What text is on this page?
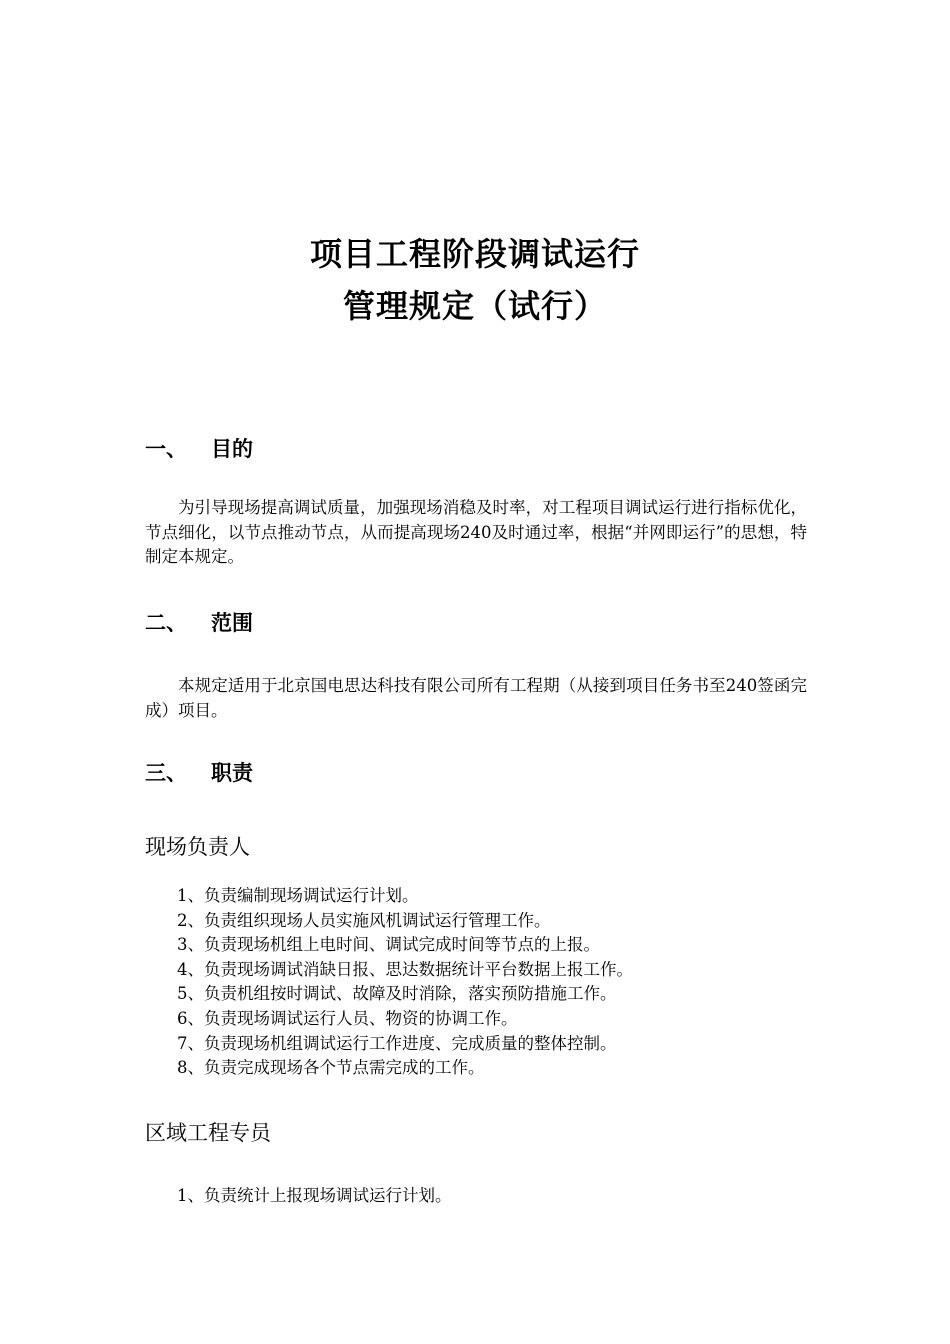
项目工程阶段调试运行
管理规定（试行）
一、 目的
为引导现场提高调试质量，加强现场消稳及时率，对工程项目调试运行进行指标优化，节点细化，以节点推动节点，从而提高现场240及时通过率，根据“并网即运行”的思想，特制定本规定。
二、 范围
本规定适用于北京国电思达科技有限公司所有工程期（从接到项目任务书至240签函完成）项目。
三、 职责
现场负责人
1、负责编制现场调试运行计划。
2、负责组织现场人员实施风机调试运行管理工作。
3、负责现场机组上电时间、调试完成时间等节点的上报。
4、负责现场调试消缺日报、思达数据统计平台数据上报工作。
5、负责机组按时调试、故障及时消除，落实预防措施工作。
6、负责现场调试运行人员、物资的协调工作。
7、负责现场机组调试运行工作进度、完成质量的整体控制。
8、负责完成现场各个节点需完成的工作。
区域工程专员
1、负责统计上报现场调试运行计划。
